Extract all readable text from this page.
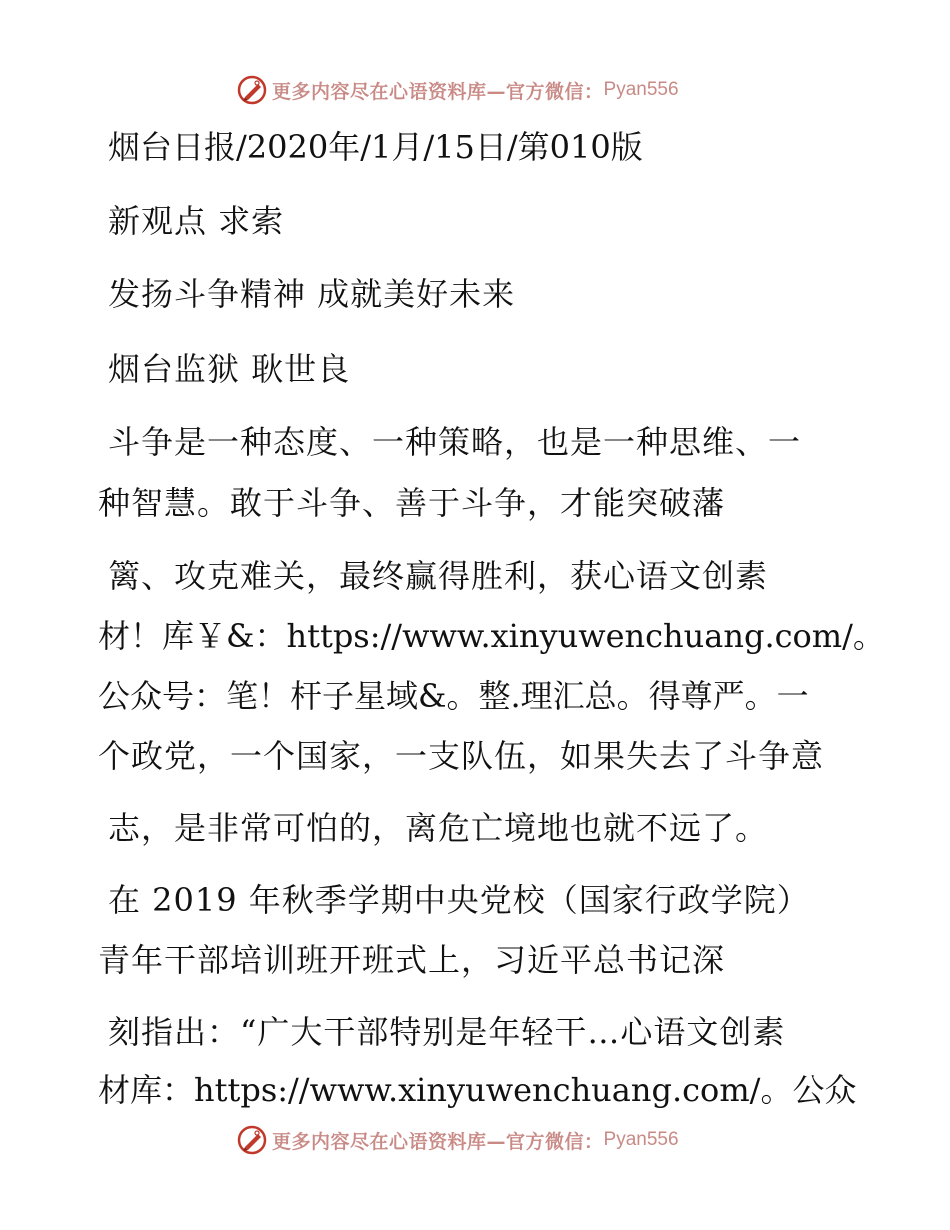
更多内容尽在心语资料库—官方微信： Pyan556

烟台日报/2020年/1月/15日/第010版

新观点 求索

发扬斗争精神 成就美好未来

烟台监狱 耿世良

斗争是一种态度、一种策略，也是一种思维、一

种智慧。敢于斗争、善于斗争，才能突破藩

篱、攻克难关，最终赢得胜利，获心语文创素

材！库￥&：https://www.xinyuwenchuang.com/。

公众号：笔！杆子星域&。整.理汇总。得尊严。一

个政党，一个国家，一支队伍，如果失去了斗争意

志，是非常可怕的，离危亡境地也就不远了。

在 2019 年秋季学期中央党校（国家行政学院）

青年干部培训班开班式上，习近平总书记深

刻指出：“广大干部特别是年轻干…心语文创素

材库：https://www.xinyuwenchuang.com/。公众

更多内容尽在心语资料库—官方微信： Pyan556
